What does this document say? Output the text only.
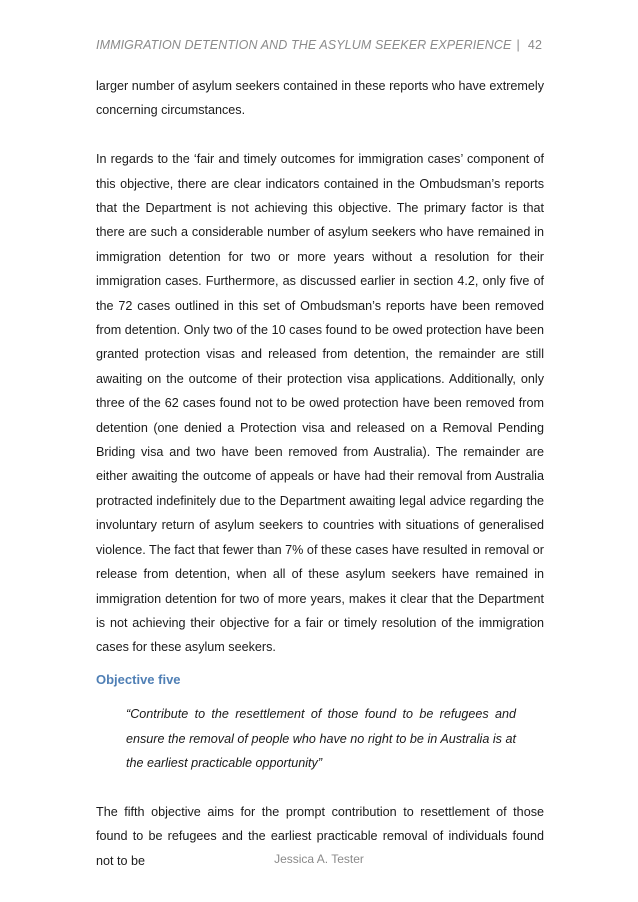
IMMIGRATION DETENTION AND THE ASYLUM SEEKER EXPERIENCE | 42

larger number of asylum seekers contained in these reports who have extremely concerning circumstances.

In regards to the ‘fair and timely outcomes for immigration cases’ component of this objective, there are clear indicators contained in the Ombudsman’s reports that the Department is not achieving this objective. The primary factor is that there are such a considerable number of asylum seekers who have remained in immigration detention for two or more years without a resolution for their immigration cases. Furthermore, as discussed earlier in section 4.2, only five of the 72 cases outlined in this set of Ombudsman’s reports have been removed from detention. Only two of the 10 cases found to be owed protection have been granted protection visas and released from detention, the remainder are still awaiting on the outcome of their protection visa applications. Additionally, only three of the 62 cases found not to be owed protection have been removed from detention (one denied a Protection visa and released on a Removal Pending Briding visa and two have been removed from Australia). The remainder are either awaiting the outcome of appeals or have had their removal from Australia protracted indefinitely due to the Department awaiting legal advice regarding the involuntary return of asylum seekers to countries with situations of generalised violence. The fact that fewer than 7% of these cases have resulted in removal or release from detention, when all of these asylum seekers have remained in immigration detention for two of more years, makes it clear that the Department is not achieving their objective for a fair or timely resolution of the immigration cases for these asylum seekers.

Objective five

“Contribute to the resettlement of those found to be refugees and ensure the removal of people who have no right to be in Australia is at the earliest practicable opportunity”

The fifth objective aims for the prompt contribution to resettlement of those found to be refugees and the earliest practicable removal of individuals found not to be	Jessica A. Tester
